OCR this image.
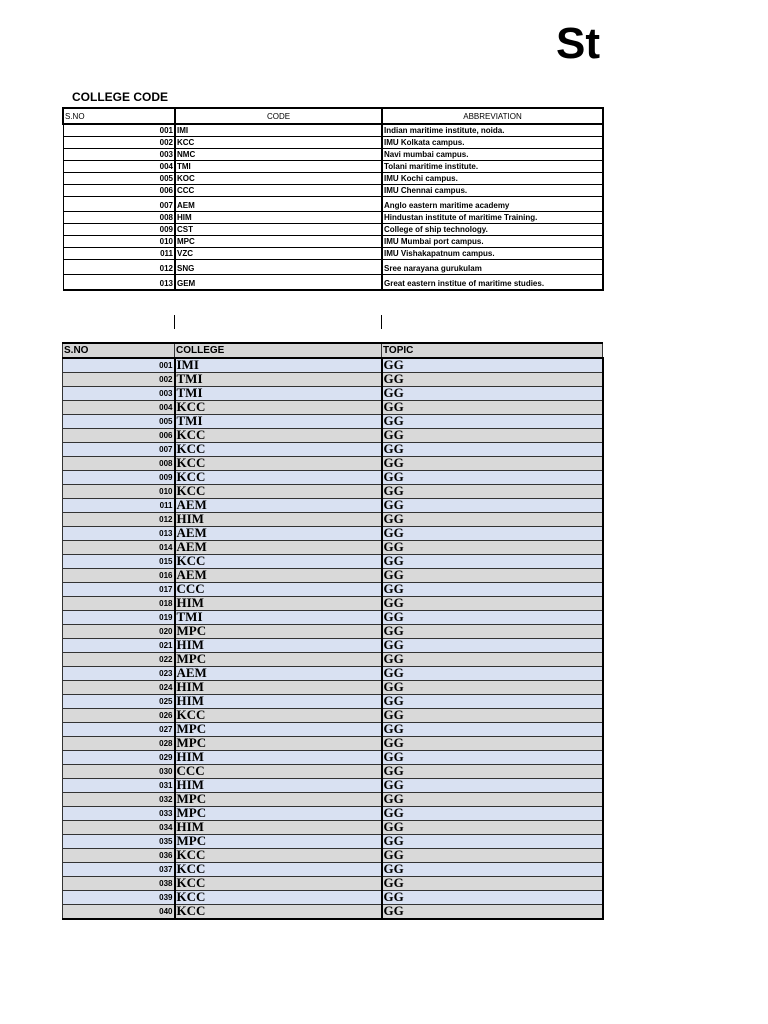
St
COLLEGE CODE
S.NO	CODE	ABBREVIATION
001	IMI	Indian maritime institute, noida.
002	KCC	IMU Kolkata campus.
003	NMC	Navi mumbai campus.
004	TMI	Tolani maritime institute.
005	KOC	IMU Kochi campus.
006	CCC	IMU Chennai campus.
007	AEM	Anglo eastern maritime academy
008	HIM	Hindustan institute of maritime Training.
009	CST	College of ship technology.
010	MPC	IMU Mumbai port campus.
011	VZC	IMU Vishakapatnum campus.
012	SNG	Sree narayana gurukulam
013	GEM	Great eastern institue of maritime studies.
S.NO	COLLEGE	TOPIC
001	IMI	GG
002	TMI	GG
003	TMI	GG
004	KCC	GG
005	TMI	GG
006	KCC	GG
007	KCC	GG
008	KCC	GG
009	KCC	GG
010	KCC	GG
011	AEM	GG
012	HIM	GG
013	AEM	GG
014	AEM	GG
015	KCC	GG
016	AEM	GG
017	CCC	GG
018	HIM	GG
019	TMI	GG
020	MPC	GG
021	HIM	GG
022	MPC	GG
023	AEM	GG
024	HIM	GG
025	HIM	GG
026	KCC	GG
027	MPC	GG
028	MPC	GG
029	HIM	GG
030	CCC	GG
031	HIM	GG
032	MPC	GG
033	MPC	GG
034	HIM	GG
035	MPC	GG
036	KCC	GG
037	KCC	GG
038	KCC	GG
039	KCC	GG
040	KCC	GG
